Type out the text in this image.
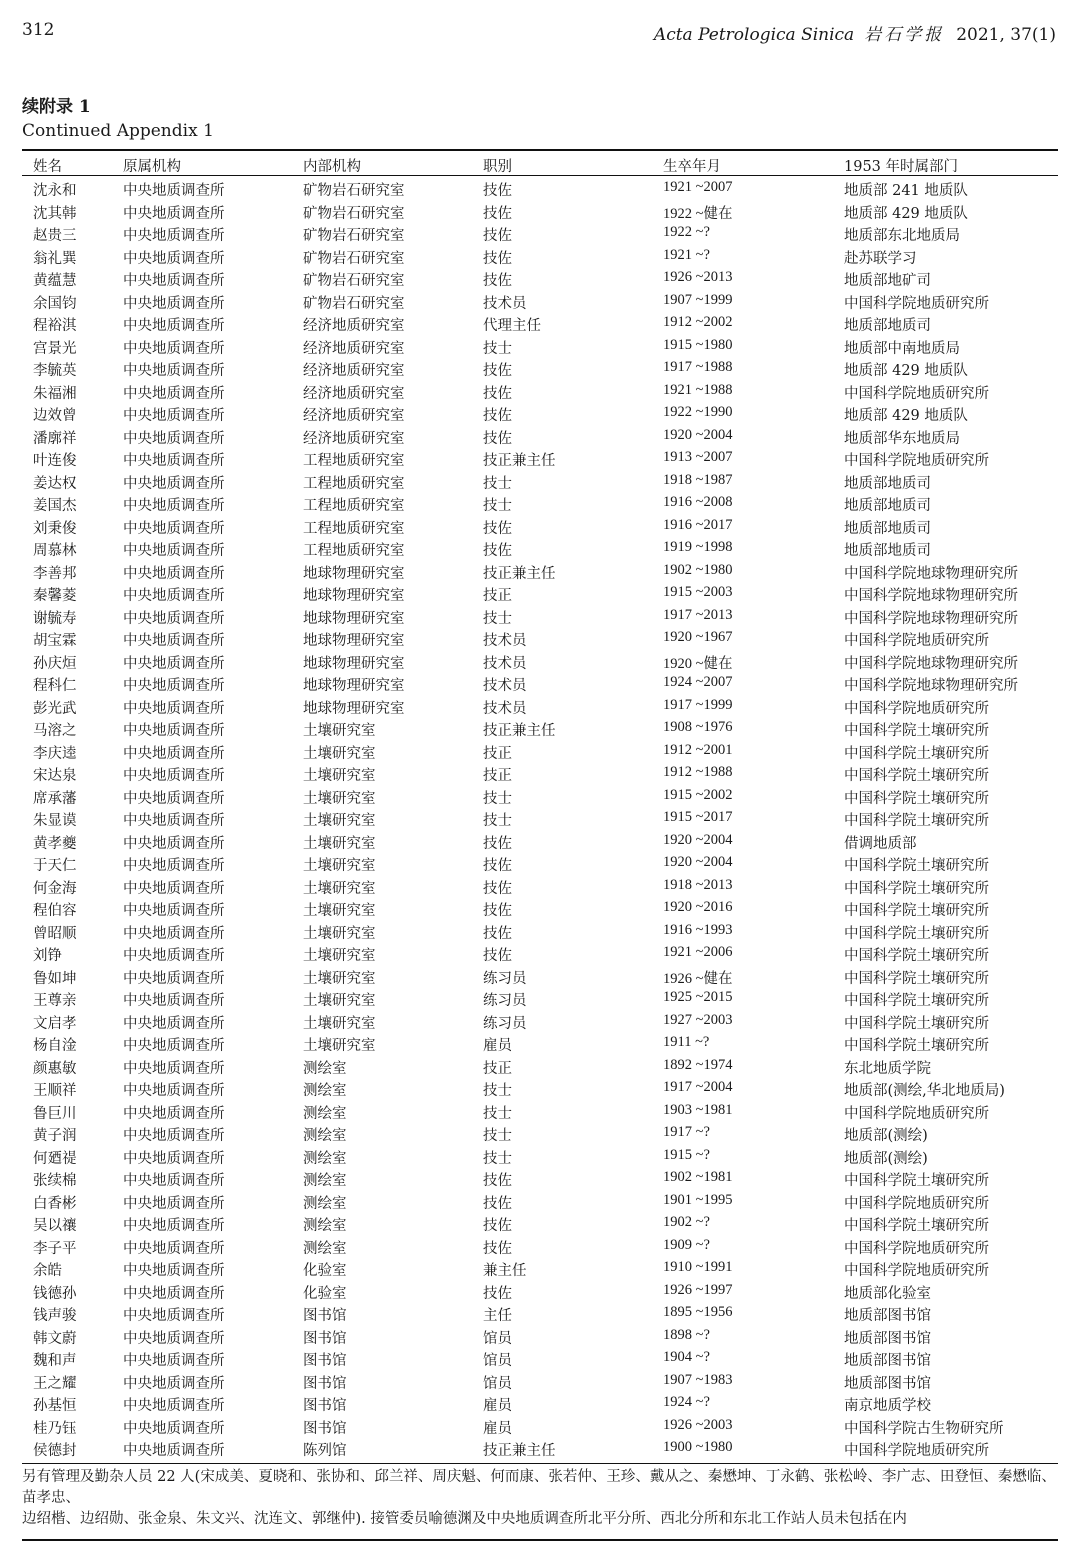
312	Acta Petrologica Sinica 岩石学报 2021, 37(1)
续附录 1
Continued Appendix 1
姓名	原属机构	内部机构	职别	生卒年月	1953 年时属部门
沈永和	中央地质调查所	矿物岩石研究室	技佐	1921 ~2007	地质部 241 地质队
沈其韩	中央地质调查所	矿物岩石研究室	技佐	1922 ~健在	地质部 429 地质队
赵贵三	中央地质调查所	矿物岩石研究室	技佐	1922 ~?	地质部东北地质局
翁礼巽	中央地质调查所	矿物岩石研究室	技佐	1921 ~?	赴苏联学习
黄蕴慧	中央地质调查所	矿物岩石研究室	技佐	1926 ~2013	地质部地矿司
余国钧	中央地质调查所	矿物岩石研究室	技术员	1907 ~1999	中国科学院地质研究所
程裕淇	中央地质调查所	经济地质研究室	代理主任	1912 ~2002	地质部地质司
宫景光	中央地质调查所	经济地质研究室	技士	1915 ~1980	地质部中南地质局
李毓英	中央地质调查所	经济地质研究室	技佐	1917 ~1988	地质部 429 地质队
朱福湘	中央地质调查所	经济地质研究室	技佐	1921 ~1988	中国科学院地质研究所
边效曾	中央地质调查所	经济地质研究室	技佐	1922 ~1990	地质部 429 地质队
潘廓祥	中央地质调查所	经济地质研究室	技佐	1920 ~2004	地质部华东地质局
叶连俊	中央地质调查所	工程地质研究室	技正兼主任	1913 ~2007	中国科学院地质研究所
姜达权	中央地质调查所	工程地质研究室	技士	1918 ~1987	地质部地质司
姜国杰	中央地质调查所	工程地质研究室	技士	1916 ~2008	地质部地质司
刘秉俊	中央地质调查所	工程地质研究室	技佐	1916 ~2017	地质部地质司
周慕林	中央地质调查所	工程地质研究室	技佐	1919 ~1998	地质部地质司
李善邦	中央地质调查所	地球物理研究室	技正兼主任	1902 ~1980	中国科学院地球物理研究所
秦馨菱	中央地质调查所	地球物理研究室	技正	1915 ~2003	中国科学院地球物理研究所
谢毓寿	中央地质调查所	地球物理研究室	技士	1917 ~2013	中国科学院地球物理研究所
胡宝霖	中央地质调查所	地球物理研究室	技术员	1920 ~1967	中国科学院地质研究所
孙庆烜	中央地质调查所	地球物理研究室	技术员	1920 ~健在	中国科学院地球物理研究所
程科仁	中央地质调查所	地球物理研究室	技术员	1924 ~2007	中国科学院地球物理研究所
彭光武	中央地质调查所	地球物理研究室	技术员	1917 ~1999	中国科学院地质研究所
马溶之	中央地质调查所	土壤研究室	技正兼主任	1908 ~1976	中国科学院土壤研究所
李庆逵	中央地质调查所	土壤研究室	技正	1912 ~2001	中国科学院土壤研究所
宋达泉	中央地质调查所	土壤研究室	技正	1912 ~1988	中国科学院土壤研究所
席承藩	中央地质调查所	土壤研究室	技士	1915 ~2002	中国科学院土壤研究所
朱显谟	中央地质调查所	土壤研究室	技士	1915 ~2017	中国科学院土壤研究所
黄孝夔	中央地质调查所	土壤研究室	技佐	1920 ~2004	借调地质部
于天仁	中央地质调查所	土壤研究室	技佐	1920 ~2004	中国科学院土壤研究所
何金海	中央地质调查所	土壤研究室	技佐	1918 ~2013	中国科学院土壤研究所
程伯容	中央地质调查所	土壤研究室	技佐	1920 ~2016	中国科学院土壤研究所
曾昭顺	中央地质调查所	土壤研究室	技佐	1916 ~1993	中国科学院土壤研究所
刘铮	中央地质调查所	土壤研究室	技佐	1921 ~2006	中国科学院土壤研究所
鲁如坤	中央地质调查所	土壤研究室	练习员	1926 ~健在	中国科学院土壤研究所
王尊亲	中央地质调查所	土壤研究室	练习员	1925 ~2015	中国科学院土壤研究所
文启孝	中央地质调查所	土壤研究室	练习员	1927 ~2003	中国科学院土壤研究所
杨自淦	中央地质调查所	土壤研究室	雇员	1911 ~?	中国科学院土壤研究所
颜惠敏	中央地质调查所	测绘室	技正	1892 ~1974	东北地质学院
王顺祥	中央地质调查所	测绘室	技士	1917 ~2004	地质部(测绘,华北地质局)
鲁巨川	中央地质调查所	测绘室	技士	1903 ~1981	中国科学院地质研究所
黄子润	中央地质调查所	测绘室	技士	1917 ~?	地质部(测绘)
何廼禔	中央地质调查所	测绘室	技士	1915 ~?	地质部(测绘)
张续棉	中央地质调查所	测绘室	技佐	1902 ~1981	中国科学院土壤研究所
白香彬	中央地质调查所	测绘室	技佐	1901 ~1995	中国科学院地质研究所
吴以禳	中央地质调查所	测绘室	技佐	1902 ~?	中国科学院土壤研究所
李子平	中央地质调查所	测绘室	技佐	1909 ~?	中国科学院地质研究所
余皓	中央地质调查所	化验室	兼主任	1910 ~1991	中国科学院地质研究所
钱德孙	中央地质调查所	化验室	技佐	1926 ~1997	地质部化验室
钱声骏	中央地质调查所	图书馆	主任	1895 ~1956	地质部图书馆
韩文蔚	中央地质调查所	图书馆	馆员	1898 ~?	地质部图书馆
魏和声	中央地质调查所	图书馆	馆员	1904 ~?	地质部图书馆
王之耀	中央地质调查所	图书馆	馆员	1907 ~1983	地质部图书馆
孙基恒	中央地质调查所	图书馆	雇员	1924 ~?	南京地质学校
桂乃钰	中央地质调查所	图书馆	雇员	1926 ~2003	中国科学院古生物研究所
侯德封	中央地质调查所	陈列馆	技正兼主任	1900 ~1980	中国科学院地质研究所
另有管理及勤杂人员 22 人(宋成美、夏晓和、张协和、邱兰祥、周庆魁、何而康、张若仲、王珍、戴从之、秦懋坤、丁永鹤、张松岭、李广志、田登恒、秦懋临、苗孝忠、
边绍楷、边绍勋、张金泉、朱文兴、沈连文、郭继仲). 接管委员喻德渊及中央地质调查所北平分所、西北分所和东北工作站人员未包括在内
